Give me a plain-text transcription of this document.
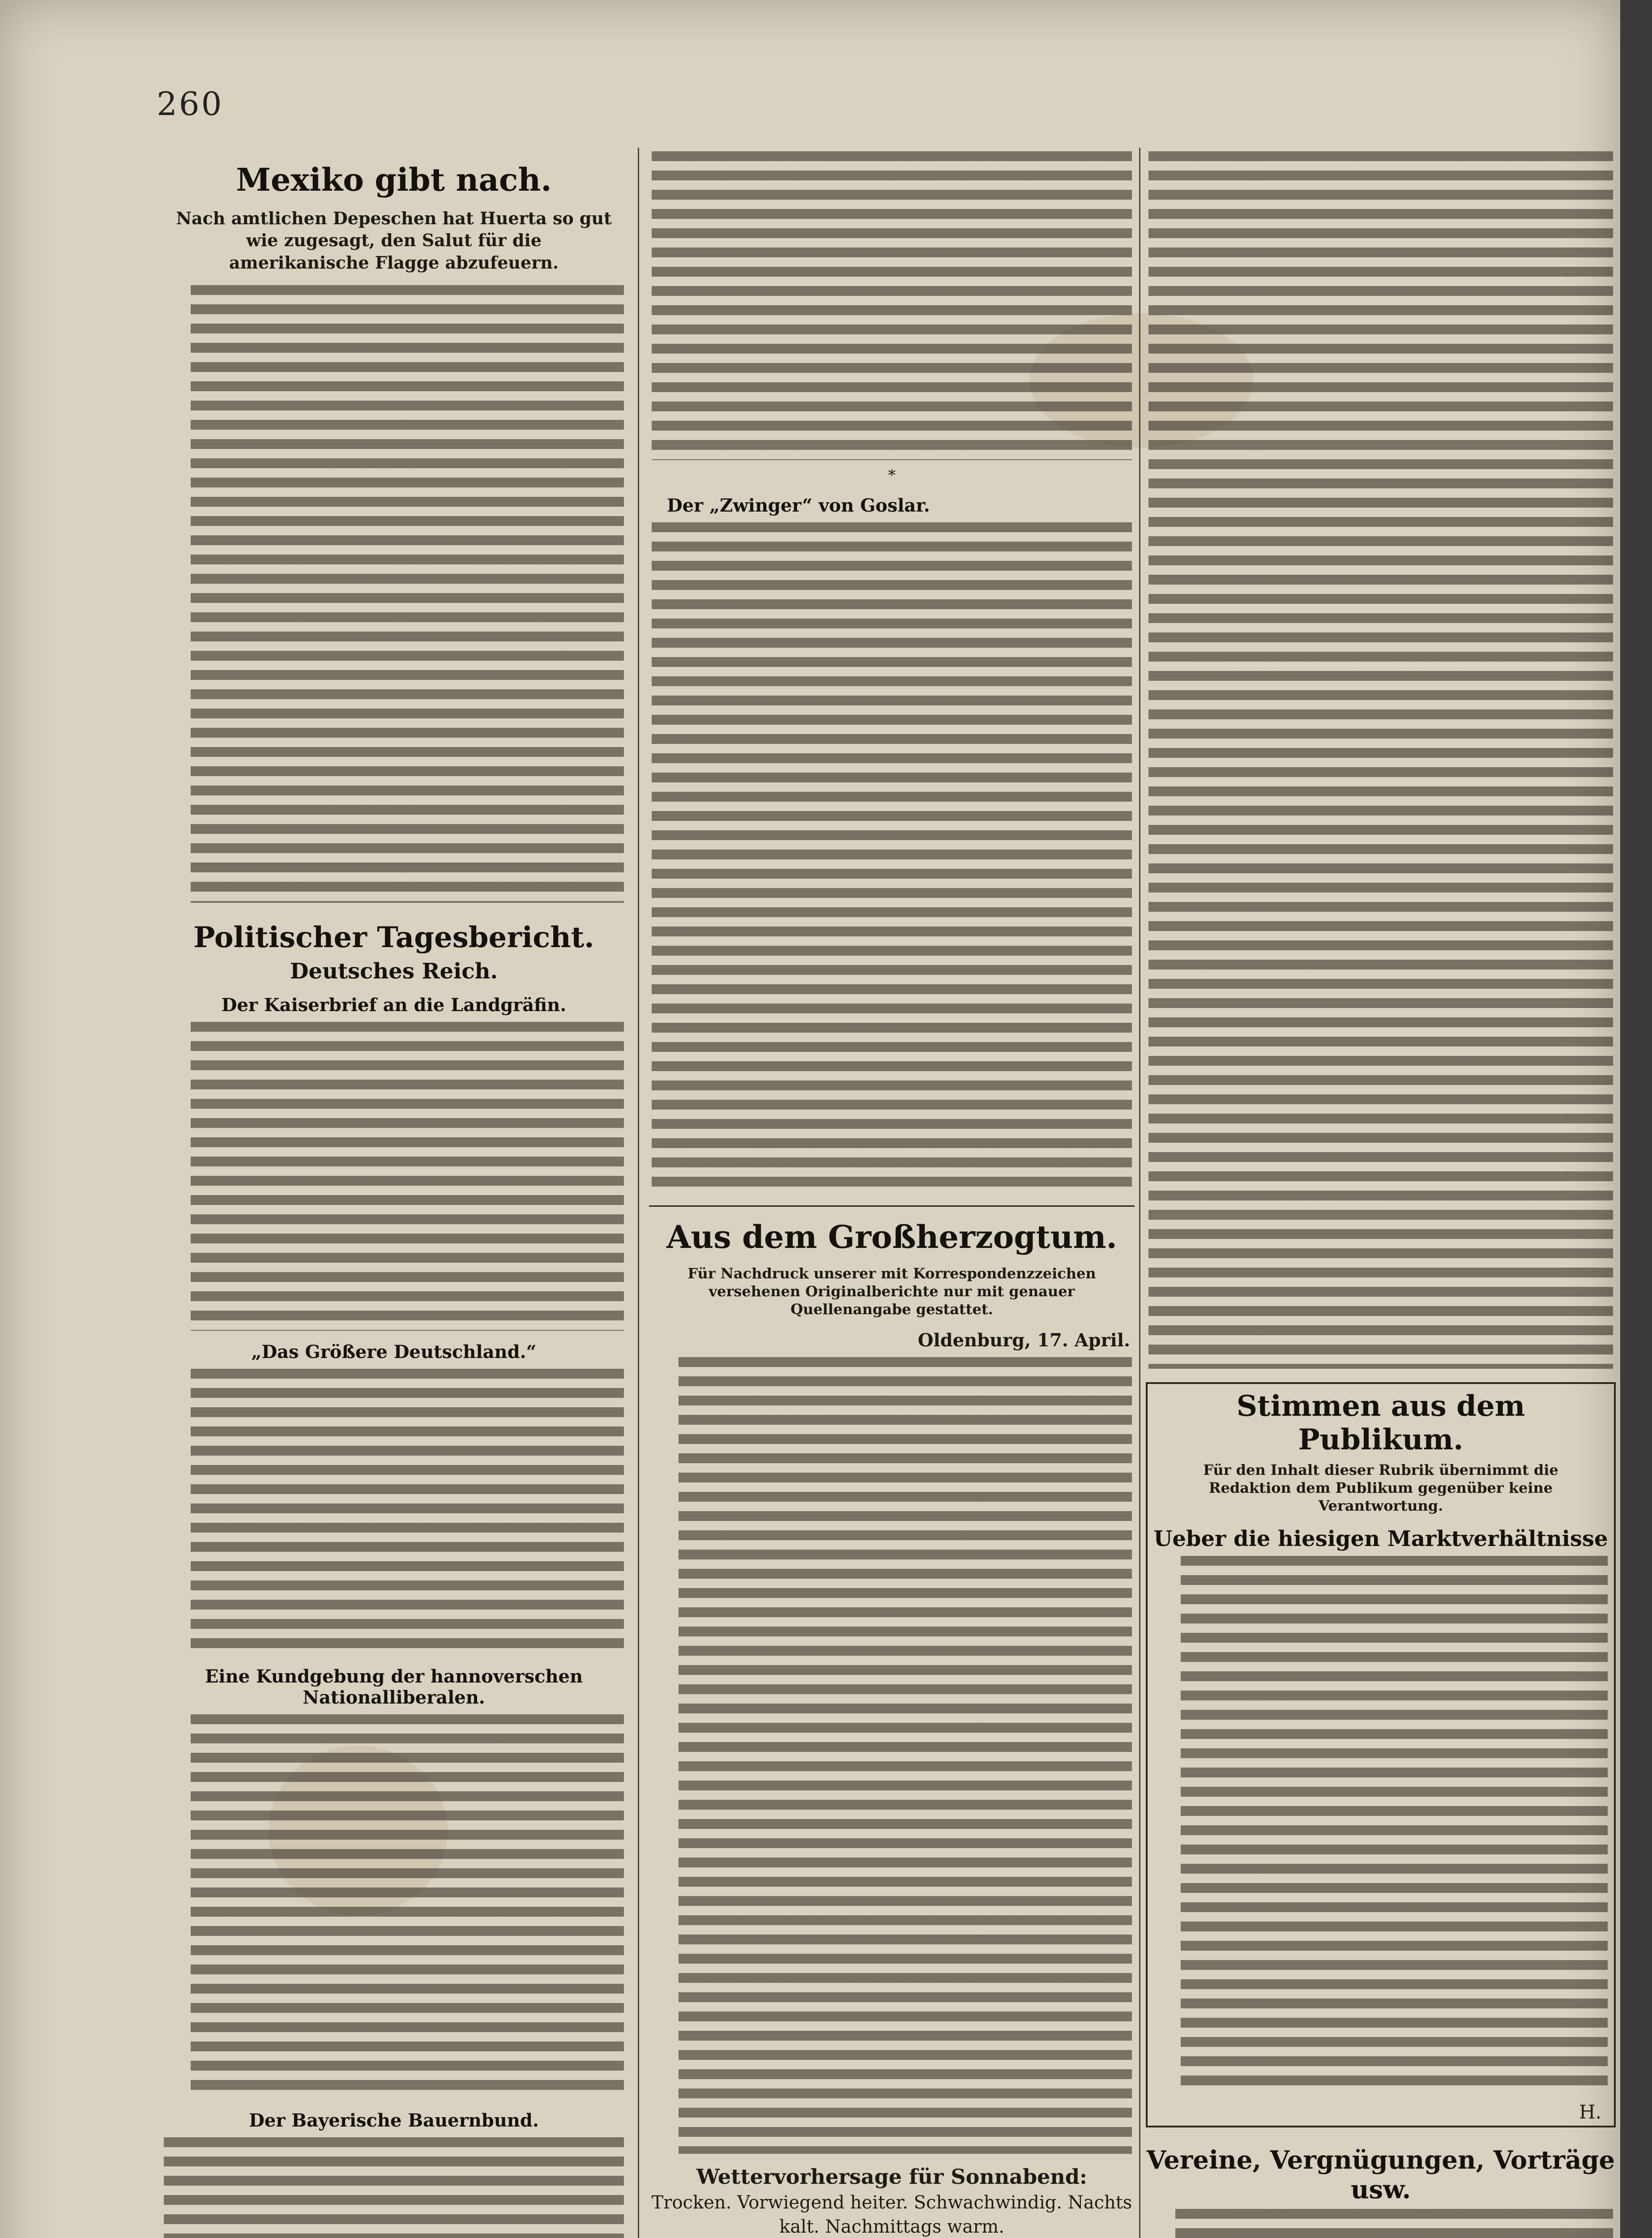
260
Mexiko gibt nach.
Nach amtlichen Depeschen hat Huerta so gut wie zugesagt, den Salut für die amerikanische Flagge abzufeuern.
Politischer Tagesbericht.
Deutsches Reich.
Der Kaiserbrief an die Landgräfin.
„Das Größere Deutschland.“
Eine Kundgebung der hannoverschen Nationalliberalen.
Der Bayerische Bauernbund.
*
Der „Zwinger“ von Goslar.
Aus dem Großherzogtum.
Für Nachdruck unserer mit Korrespondenzzeichen versehenen Originalberichte nur mit genauer Quellenangabe gestattet.
Oldenburg, 17. April.
Wettervorhersage für Sonnabend:
Trocken. Vorwiegend heiter. Schwachwindig. Nachts kalt. Nachmittags warm.
Stimmen aus dem Publikum.
Für den Inhalt dieser Rubrik übernimmt die Redaktion dem Publikum gegenüber keine Verantwortung.
Ueber die hiesigen Marktverhältnisse
H.
Vereine, Vergnügungen, Vorträge usw.
